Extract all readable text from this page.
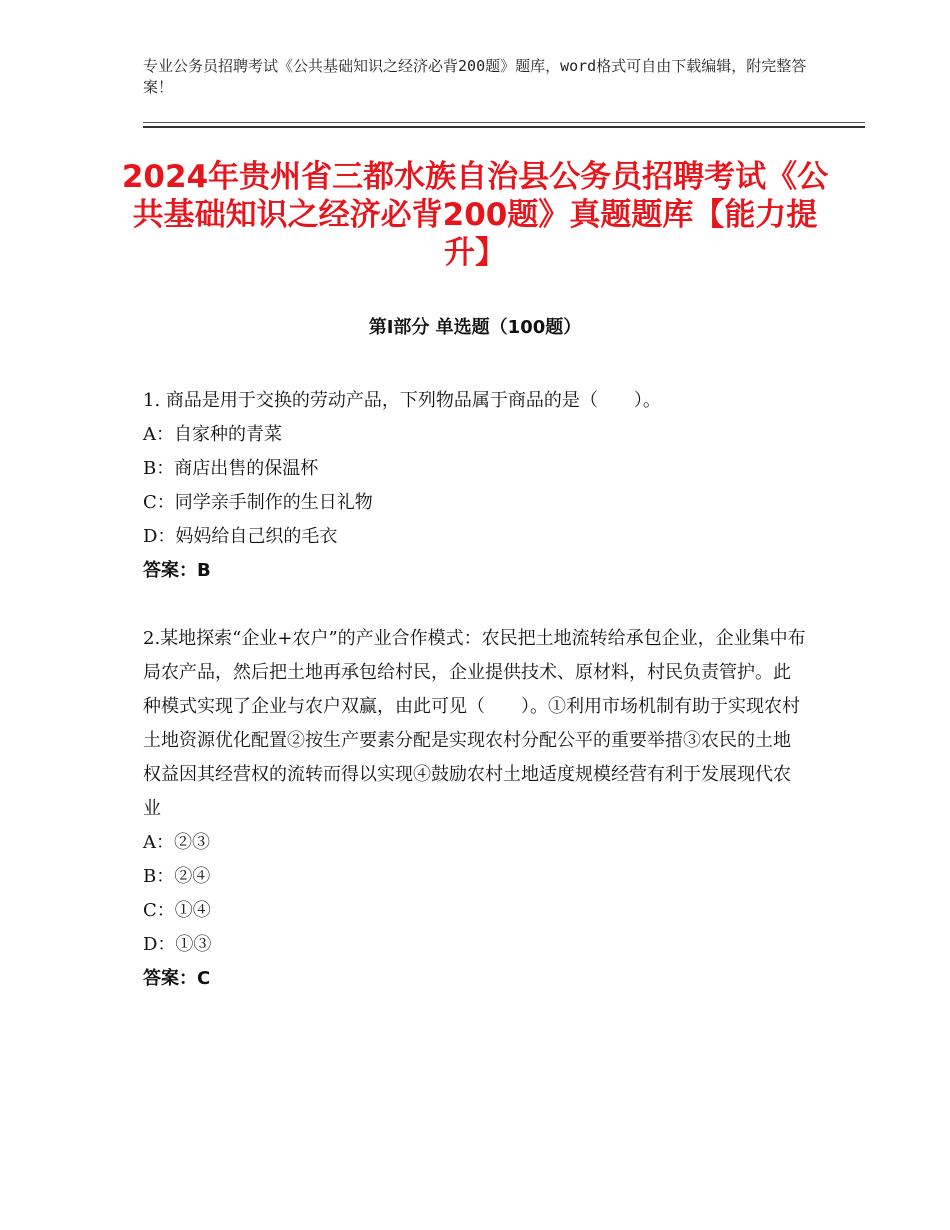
专业公务员招聘考试《公共基础知识之经济必背200题》题库，word格式可自由下载编辑，附完整答案！
2024年贵州省三都水族自治县公务员招聘考试《公共基础知识之经济必背200题》真题题库【能力提升】
第Ⅰ部分 单选题（100题）
1. 商品是用于交换的劳动产品，下列物品属于商品的是（　　）。
A：自家种的青菜
B：商店出售的保温杯
C：同学亲手制作的生日礼物
D：妈妈给自己织的毛衣
答案：B
2.某地探索“企业+农户”的产业合作模式：农民把土地流转给承包企业，企业集中布局农产品，然后把土地再承包给村民，企业提供技术、原材料，村民负责管护。此种模式实现了企业与农户双赢，由此可见（　　）。①利用市场机制有助于实现农村土地资源优化配置②按生产要素分配是实现农村分配公平的重要举措③农民的土地权益因其经营权的流转而得以实现④鼓励农村土地适度规模经营有利于发展现代农业
A：②③
B：②④
C：①④
D：①③
答案：C
